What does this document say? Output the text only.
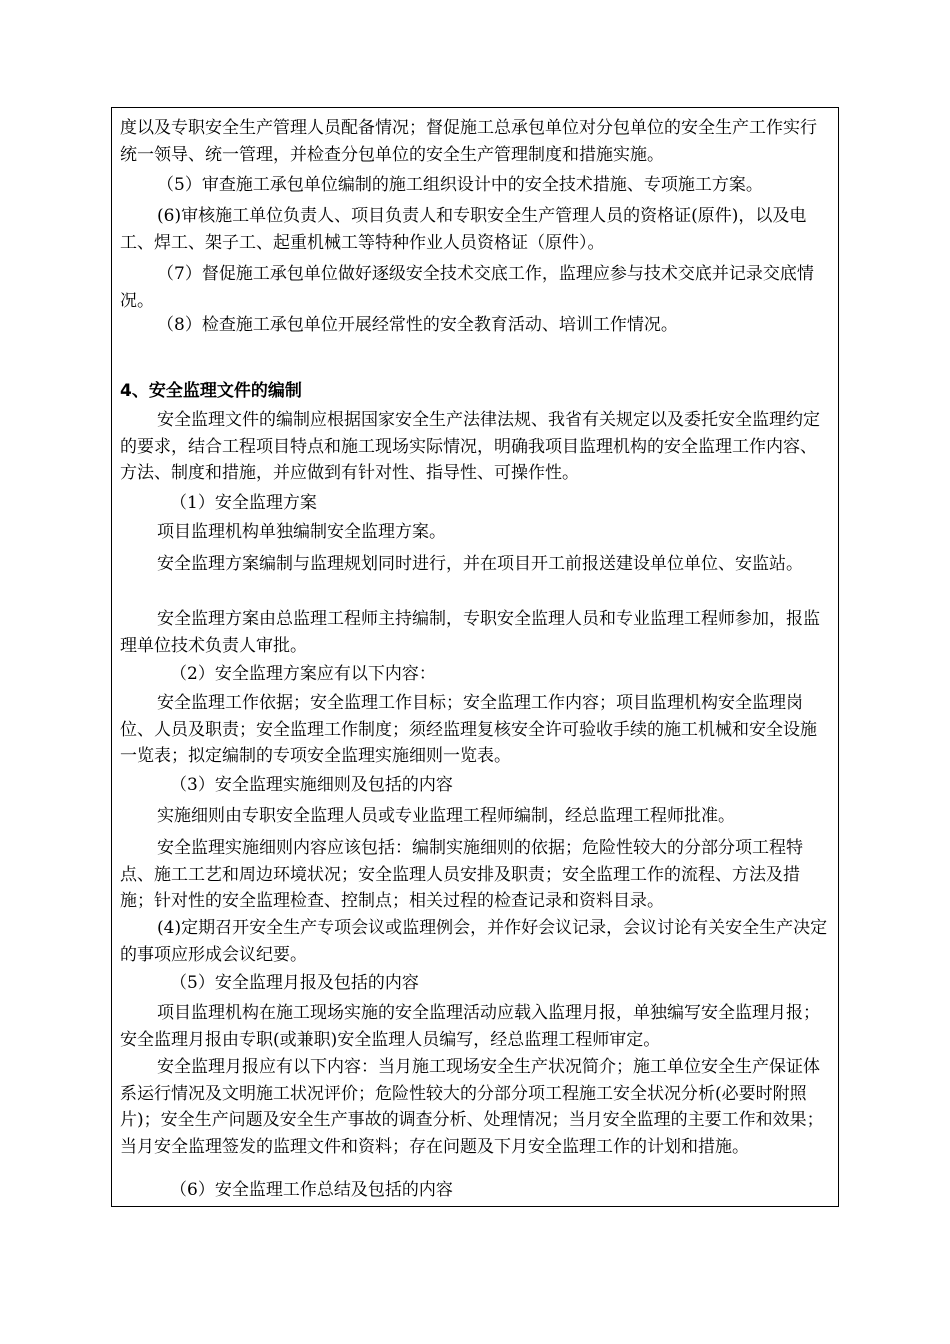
度以及专职安全生产管理人员配备情况；督促施工总承包单位对分包单位的安全生产工作实行统一领导、统一管理，并检查分包单位的安全生产管理制度和措施实施。

（5）审查施工承包单位编制的施工组织设计中的安全技术措施、专项施工方案。

(6)审核施工单位负责人、项目负责人和专职安全生产管理人员的资格证(原件)，以及电工、焊工、架子工、起重机械工等特种作业人员资格证（原件）。

（7）督促施工承包单位做好逐级安全技术交底工作，监理应参与技术交底并记录交底情况。

（8）检查施工承包单位开展经常性的安全教育活动、培训工作情况。

4、安全监理文件的编制

安全监理文件的编制应根据国家安全生产法律法规、我省有关规定以及委托安全监理约定的要求，结合工程项目特点和施工现场实际情况，明确我项目监理机构的安全监理工作内容、方法、制度和措施，并应做到有针对性、指导性、可操作性。

（1）安全监理方案

项目监理机构单独编制安全监理方案。

安全监理方案编制与监理规划同时进行，并在项目开工前报送建设单位单位、安监站。

安全监理方案由总监理工程师主持编制，专职安全监理人员和专业监理工程师参加，报监理单位技术负责人审批。

（2）安全监理方案应有以下内容：

安全监理工作依据；安全监理工作目标；安全监理工作内容；项目监理机构安全监理岗位、人员及职责；安全监理工作制度；须经监理复核安全许可验收手续的施工机械和安全设施一览表；拟定编制的专项安全监理实施细则一览表。

（3）安全监理实施细则及包括的内容

实施细则由专职安全监理人员或专业监理工程师编制，经总监理工程师批准。

安全监理实施细则内容应该包括：编制实施细则的依据；危险性较大的分部分项工程特点、施工工艺和周边环境状况；安全监理人员安排及职责；安全监理工作的流程、方法及措施；针对性的安全监理检查、控制点；相关过程的检查记录和资料目录。

(4)定期召开安全生产专项会议或监理例会，并作好会议记录，会议讨论有关安全生产决定的事项应形成会议纪要。

（5）安全监理月报及包括的内容

项目监理机构在施工现场实施的安全监理活动应载入监理月报，单独编写安全监理月报；安全监理月报由专职(或兼职)安全监理人员编写，经总监理工程师审定。

安全监理月报应有以下内容：当月施工现场安全生产状况简介；施工单位安全生产保证体系运行情况及文明施工状况评价；危险性较大的分部分项工程施工安全状况分析(必要时附照片)；安全生产问题及安全生产事故的调查分析、处理情况；当月安全监理的主要工作和效果；当月安全监理签发的监理文件和资料；存在问题及下月安全监理工作的计划和措施。

（6）安全监理工作总结及包括的内容
